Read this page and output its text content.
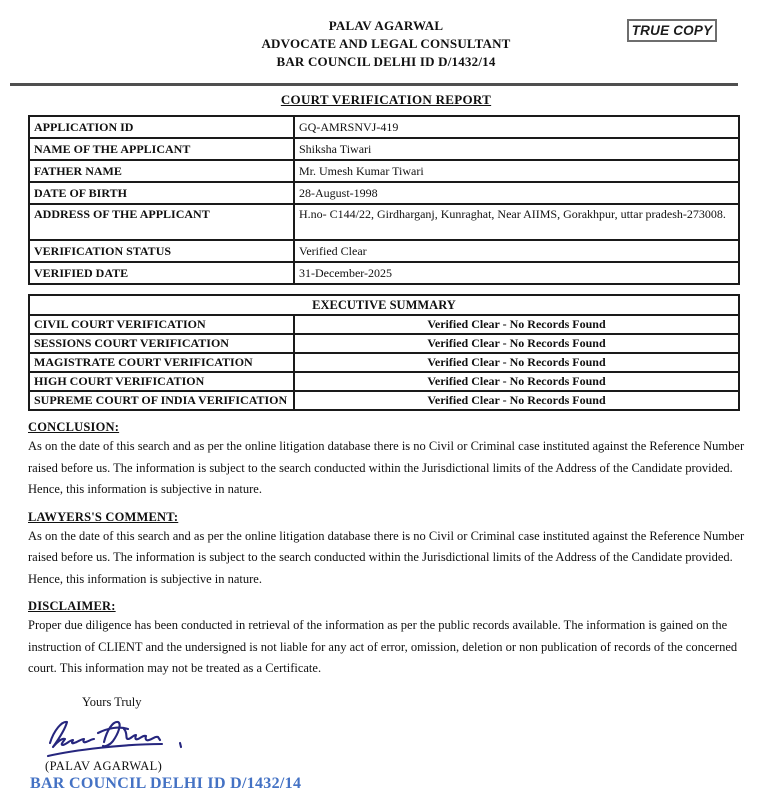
TRUE COPY
PALAV AGARWAL
ADVOCATE AND LEGAL CONSULTANT
BAR COUNCIL DELHI ID D/1432/14
COURT VERIFICATION REPORT
APPLICATION ID	GQ-AMRSNVJ-419
NAME OF THE APPLICANT	Shiksha Tiwari
FATHER NAME	Mr. Umesh Kumar Tiwari
DATE OF BIRTH	28-August-1998
ADDRESS OF THE APPLICANT	H.no- C144/22, Girdharganj, Kunraghat, Near AIIMS, Gorakhpur, uttar pradesh-273008.
VERIFICATION STATUS	Verified Clear
VERIFIED DATE	31-December-2025
EXECUTIVE SUMMARY	
CIVIL COURT VERIFICATION	Verified Clear - No Records Found
SESSIONS COURT VERIFICATION	Verified Clear - No Records Found
MAGISTRATE COURT VERIFICATION	Verified Clear - No Records Found
HIGH COURT VERIFICATION	Verified Clear - No Records Found
SUPREME COURT OF INDIA VERIFICATION	Verified Clear - No Records Found
CONCLUSION:

As on the date of this search and as per the online litigation database there is no Civil or Criminal case instituted against the Reference Number raised before us. The information is subject to the search conducted within the Jurisdictional limits of the Address of the Candidate provided. Hence, this information is subjective in nature.

LAWYERS'S COMMENT:

As on the date of this search and as per the online litigation database there is no Civil or Criminal case instituted against the Reference Number raised before us. The information is subject to the search conducted within the Jurisdictional limits of the Address of the Candidate provided. Hence, this information is subjective in nature.

DISCLAIMER:

Proper due diligence has been conducted in retrieval of the information as per the public records available. The information is gained on the instruction of CLIENT and the undersigned is not liable for any act of error, omission, deletion or non publication of records of the concerned court. This information may not be treated as a Certificate.

Yours Truly
(PALAV AGARWAL)
BAR COUNCIL DELHI ID D/1432/14
